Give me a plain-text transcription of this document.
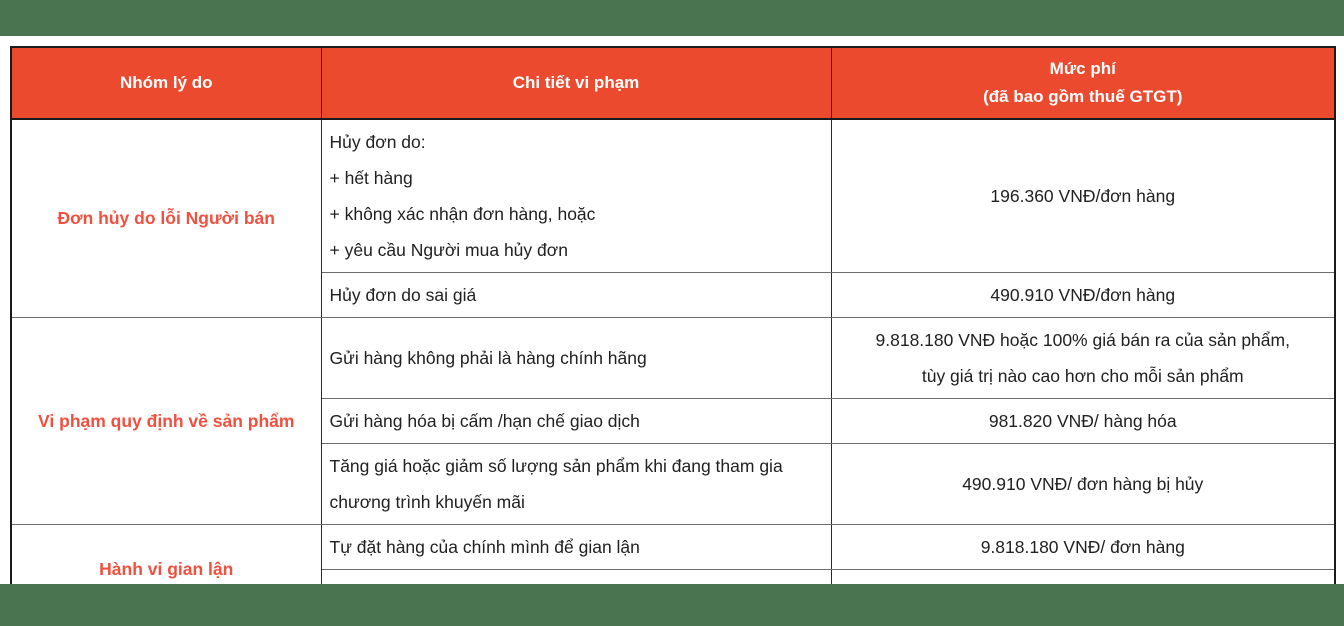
Nhóm lý do	Chi tiết vi phạm	Mức phí
(đã bao gồm thuế GTGT)

Đơn hủy do lỗi Người bán	Hủy đơn do:
+ hết hàng
+ không xác nhận đơn hàng, hoặc
+ yêu cầu Người mua hủy đơn	196.360 VNĐ/đơn hàng

	Hủy đơn do sai giá	490.910 VNĐ/đơn hàng

Vi phạm quy định về sản phẩm	Gửi hàng không phải là hàng chính hãng	9.818.180 VNĐ hoặc 100% giá bán ra của sản phẩm,
tùy giá trị nào cao hơn cho mỗi sản phẩm

	Gửi hàng hóa bị cấm /hạn chế giao dịch	981.820 VNĐ/ hàng hóa

	Tăng giá hoặc giảm số lượng sản phẩm khi đang tham gia
chương trình khuyến mãi	490.910 VNĐ/ đơn hàng bị hủy

Hành vi gian lận	Tự đặt hàng của chính mình để gian lận	9.818.180 VNĐ/ đơn hàng
